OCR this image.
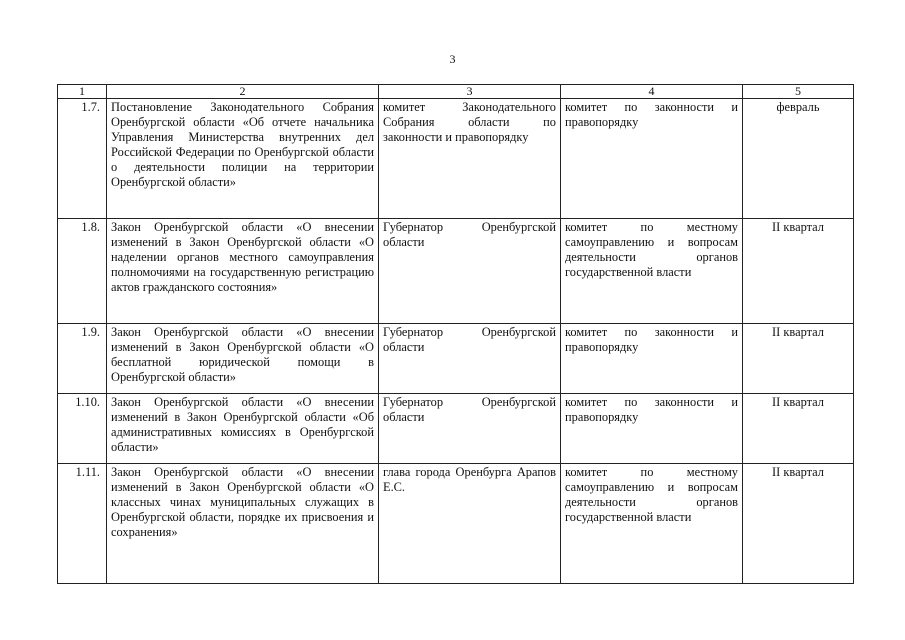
3
1	2	3	4	5
1.7.	Постановление Законодательного Собрания Оренбургской области «Об отчете начальника Управления Министерства внутренних дел Российской Федерации по Оренбургской области о деятельности полиции на территории Оренбургской области»	комитет Законодательного Собрания области по законности и правопорядку	комитет по законности и правопорядку	февраль
1.8.	Закон Оренбургской области «О внесении изменений в Закон Оренбургской области «О наделении органов местного самоуправления полномочиями на государственную регистрацию актов гражданского состояния»	Губернатор Оренбургской области	комитет по местному самоуправлению и вопросам деятельности органов государственной власти	II квартал
1.9.	Закон Оренбургской области «О внесении изменений в Закон Оренбургской области «О бесплатной юридической помощи в Оренбургской области»	Губернатор Оренбургской области	комитет по законности и правопорядку	II квартал
1.10.	Закон Оренбургской области «О внесении изменений в Закон Оренбургской области «Об административных комиссиях в Оренбургской области»	Губернатор Оренбургской области	комитет по законности и правопорядку	II квартал
1.11.	Закон Оренбургской области «О внесении изменений в Закон Оренбургской области «О классных чинах муниципальных служащих в Оренбургской области, порядке их присвоения и сохранения»	глава города Оренбурга Арапов Е.С.	комитет по местному самоуправлению и вопросам деятельности органов государственной власти	II квартал
